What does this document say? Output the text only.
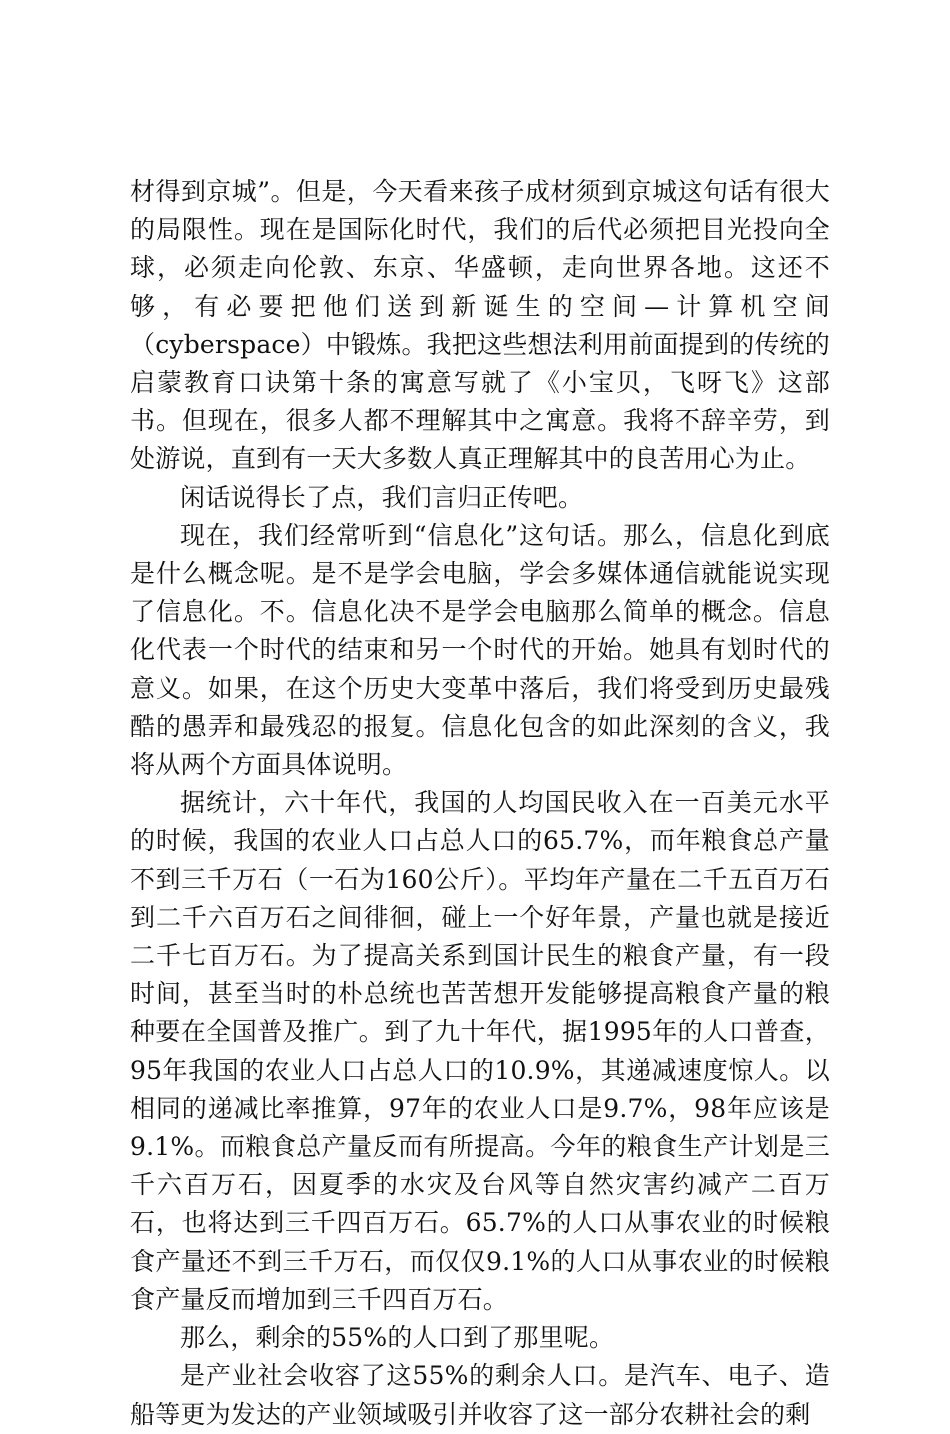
材得到京城”。但是，今天看来孩子成材须到京城这句话有很大的局限性。现在是国际化时代，我们的后代必须把目光投向全球，必须走向伦敦、东京、华盛顿，走向世界各地。这还不够，有必要把他们送到新诞生的空间—计算机空间（cyberspace）中锻炼。我把这些想法利用前面提到的传统的启蒙教育口诀第十条的寓意写就了《小宝贝，飞呀飞》这部书。但现在，很多人都不理解其中之寓意。我将不辞辛劳，到处游说，直到有一天大多数人真正理解其中的良苦用心为止。

闲话说得长了点，我们言归正传吧。

现在，我们经常听到“信息化”这句话。那么，信息化到底是什么概念呢。是不是学会电脑，学会多媒体通信就能说实现了信息化。不。信息化决不是学会电脑那么简单的概念。信息化代表一个时代的结束和另一个时代的开始。她具有划时代的意义。如果，在这个历史大变革中落后，我们将受到历史最残酷的愚弄和最残忍的报复。信息化包含的如此深刻的含义，我将从两个方面具体说明。

据统计，六十年代，我国的人均国民收入在一百美元水平的时候，我国的农业人口占总人口的65.7%，而年粮食总产量不到三千万石（一石为160公斤）。平均年产量在二千五百万石到二千六百万石之间徘徊，碰上一个好年景，产量也就是接近二千七百万石。为了提高关系到国计民生的粮食产量，有一段时间，甚至当时的朴总统也苦苦想开发能够提高粮食产量的粮种要在全国普及推广。到了九十年代，据1995年的人口普查，95年我国的农业人口占总人口的10.9%，其递减速度惊人。以相同的递减比率推算，97年的农业人口是9.7%，98年应该是9.1%。而粮食总产量反而有所提高。今年的粮食生产计划是三千六百万石，因夏季的水灾及台风等自然灾害约减产二百万石，也将达到三千四百万石。65.7%的人口从事农业的时候粮食产量还不到三千万石，而仅仅9.1%的人口从事农业的时候粮食产量反而增加到三千四百万石。

那么，剩余的55%的人口到了那里呢。

是产业社会收容了这55%的剩余人口。是汽车、电子、造船等更为发达的产业领域吸引并收容了这一部分农耕社会的剩
